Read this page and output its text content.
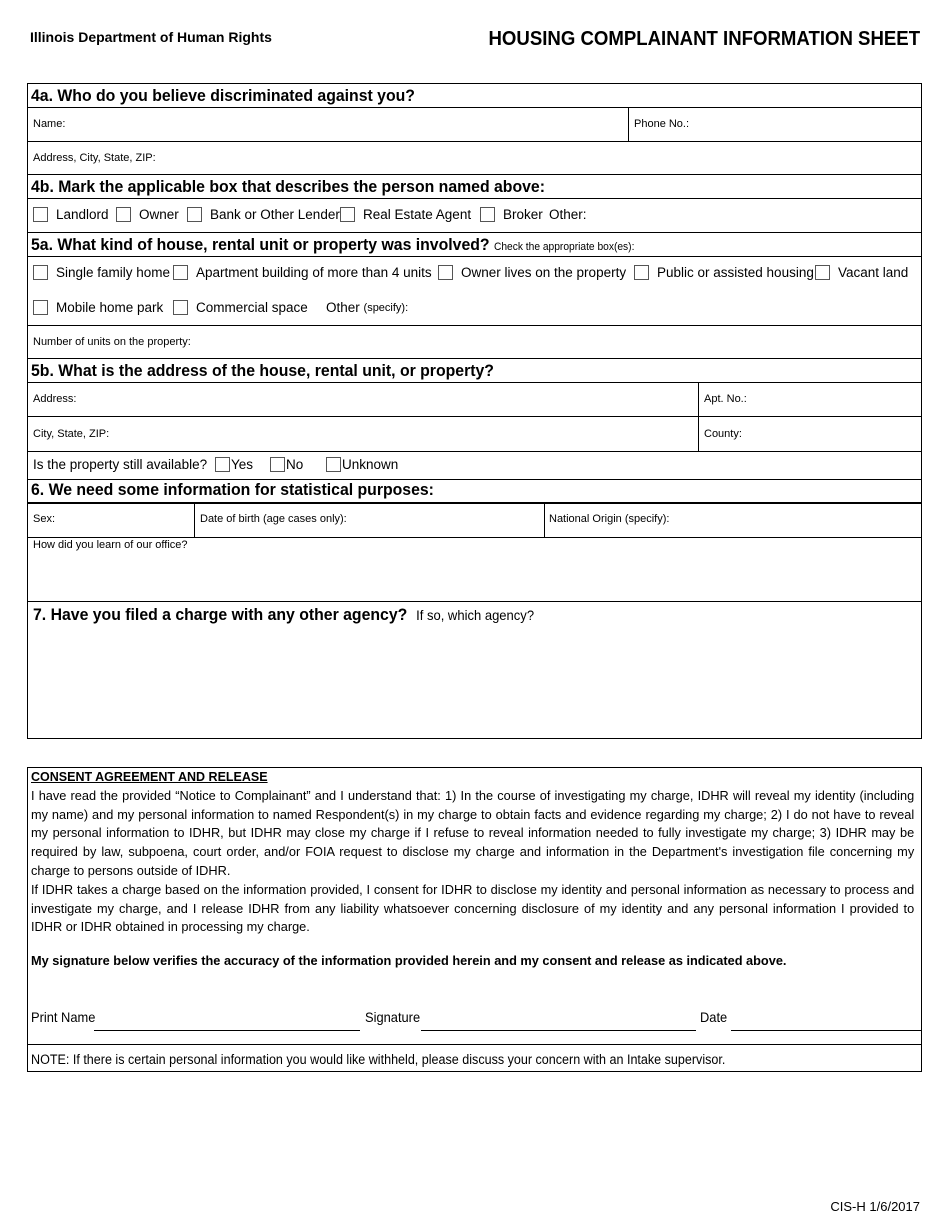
Illinois Department of Human Rights	HOUSING COMPLAINANT INFORMATION SHEET
4a. Who do you believe discriminated against you?
Name:	Phone No.:
Address, City, State, ZIP:
4b. Mark the applicable box that describes the person named above:
Landlord Owner Bank or Other Lender Real Estate Agent Broker Other:
5a. What kind of house, rental unit or property was involved? Check the appropriate box(es):
Single family home Apartment building of more than 4 units Owner lives on the property Public or assisted housing Vacant land
Mobile home park Commercial space Other
(specify):
Number of units on the property:
5b. What is the address of the house, rental unit, or property?
Address:	Apt. No.:
City, State, ZIP:	County:
Is the property still available? Yes No	Unknown
6. We need some information for statistical purposes:
Sex:	Date of birth (age cases only):	National Origin (specify):
How did you learn of our office?
7. Have you filed a charge with any other agency? If so, which agency?
CONSENT AGREEMENT AND RELEASE
I have read the provided “Notice to Complainant” and I understand that: 1) In the course of investigating my charge, IDHR will reveal my identity (including my name) and my personal information to named Respondent(s) in my charge to obtain facts and evidence regarding my charge; 2) I do not have to reveal my personal information to IDHR, but IDHR may close my charge if I refuse to reveal information needed to fully investigate my charge; 3) IDHR may be required by law, subpoena, court order, and/or FOIA request to disclose my charge and information in the Department's investigation file concerning my charge to persons outside of IDHR.
If IDHR takes a charge based on the information provided, I consent for IDHR to disclose my identity and personal information as necessary to process and investigate my charge, and I release IDHR from any liability whatsoever concerning disclosure of my identity and any personal information I provided to IDHR or IDHR obtained in processing my charge.
My signature below verifies the accuracy of the information provided herein and my consent and release as indicated above.
Print Name	Signature	Date
NOTE: If there is certain personal information you would like withheld, please discuss your concern with an Intake supervisor.
CIS-H 1/6/2017
